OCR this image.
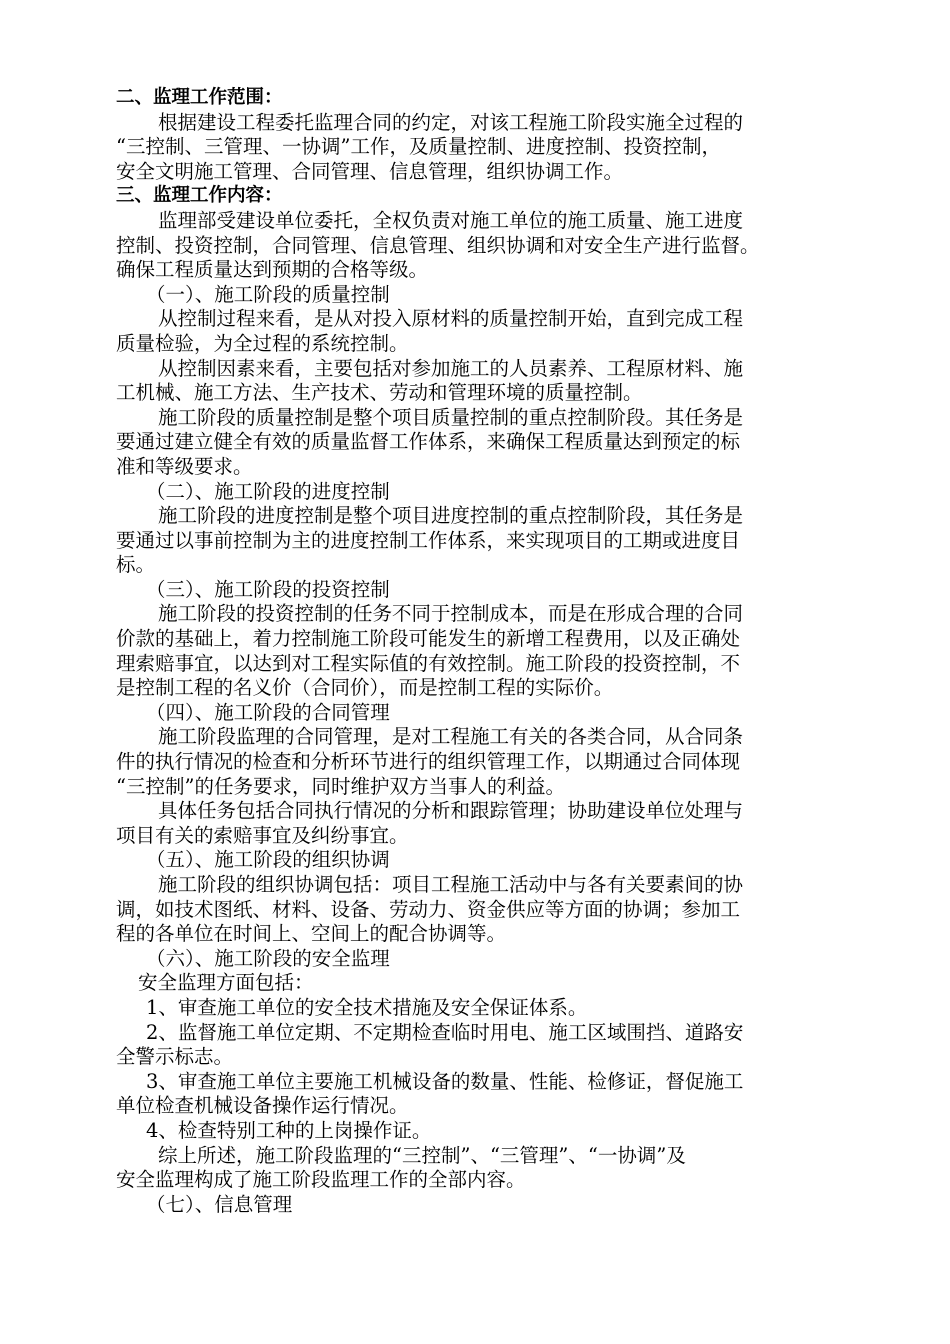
二、监理工作范围：
根据建设工程委托监理合同的约定，对该工程施工阶段实施全过程的
“三控制、三管理、一协调”工作，及质量控制、进度控制、投资控制，
安全文明施工管理、合同管理、信息管理，组织协调工作。
三、监理工作内容：
监理部受建设单位委托，全权负责对施工单位的施工质量、施工进度
控制、投资控制，合同管理、信息管理、组织协调和对安全生产进行监督。
确保工程质量达到预期的合格等级。
（一）、施工阶段的质量控制
从控制过程来看，是从对投入原材料的质量控制开始，直到完成工程
质量检验，为全过程的系统控制。
从控制因素来看，主要包括对参加施工的人员素养、工程原材料、施
工机械、施工方法、生产技术、劳动和管理环境的质量控制。
施工阶段的质量控制是整个项目质量控制的重点控制阶段。其任务是
要通过建立健全有效的质量监督工作体系，来确保工程质量达到预定的标
准和等级要求。
（二）、施工阶段的进度控制
施工阶段的进度控制是整个项目进度控制的重点控制阶段，其任务是
要通过以事前控制为主的进度控制工作体系，来实现项目的工期或进度目
标。
（三）、施工阶段的投资控制
施工阶段的投资控制的任务不同于控制成本，而是在形成合理的合同
价款的基础上，着力控制施工阶段可能发生的新增工程费用，以及正确处
理索赔事宜，以达到对工程实际值的有效控制。施工阶段的投资控制，不
是控制工程的名义价（合同价），而是控制工程的实际价。
（四）、施工阶段的合同管理
施工阶段监理的合同管理，是对工程施工有关的各类合同，从合同条
件的执行情况的检查和分析环节进行的组织管理工作，以期通过合同体现
“三控制”的任务要求，同时维护双方当事人的利益。
具体任务包括合同执行情况的分析和跟踪管理；协助建设单位处理与
项目有关的索赔事宜及纠纷事宜。
（五）、施工阶段的组织协调
施工阶段的组织协调包括：项目工程施工活动中与各有关要素间的协
调，如技术图纸、材料、设备、劳动力、资金供应等方面的协调；参加工
程的各单位在时间上、空间上的配合协调等。
（六）、施工阶段的安全监理
安全监理方面包括：
1、审查施工单位的安全技术措施及安全保证体系。
2、监督施工单位定期、不定期检查临时用电、施工区域围挡、道路安
全警示标志。
3、审查施工单位主要施工机械设备的数量、性能、检修证，督促施工
单位检查机械设备操作运行情况。
4、检查特别工种的上岗操作证。
综上所述，施工阶段监理的“三控制”、“三管理”、“一协调”及
安全监理构成了施工阶段监理工作的全部内容。
（七）、信息管理
